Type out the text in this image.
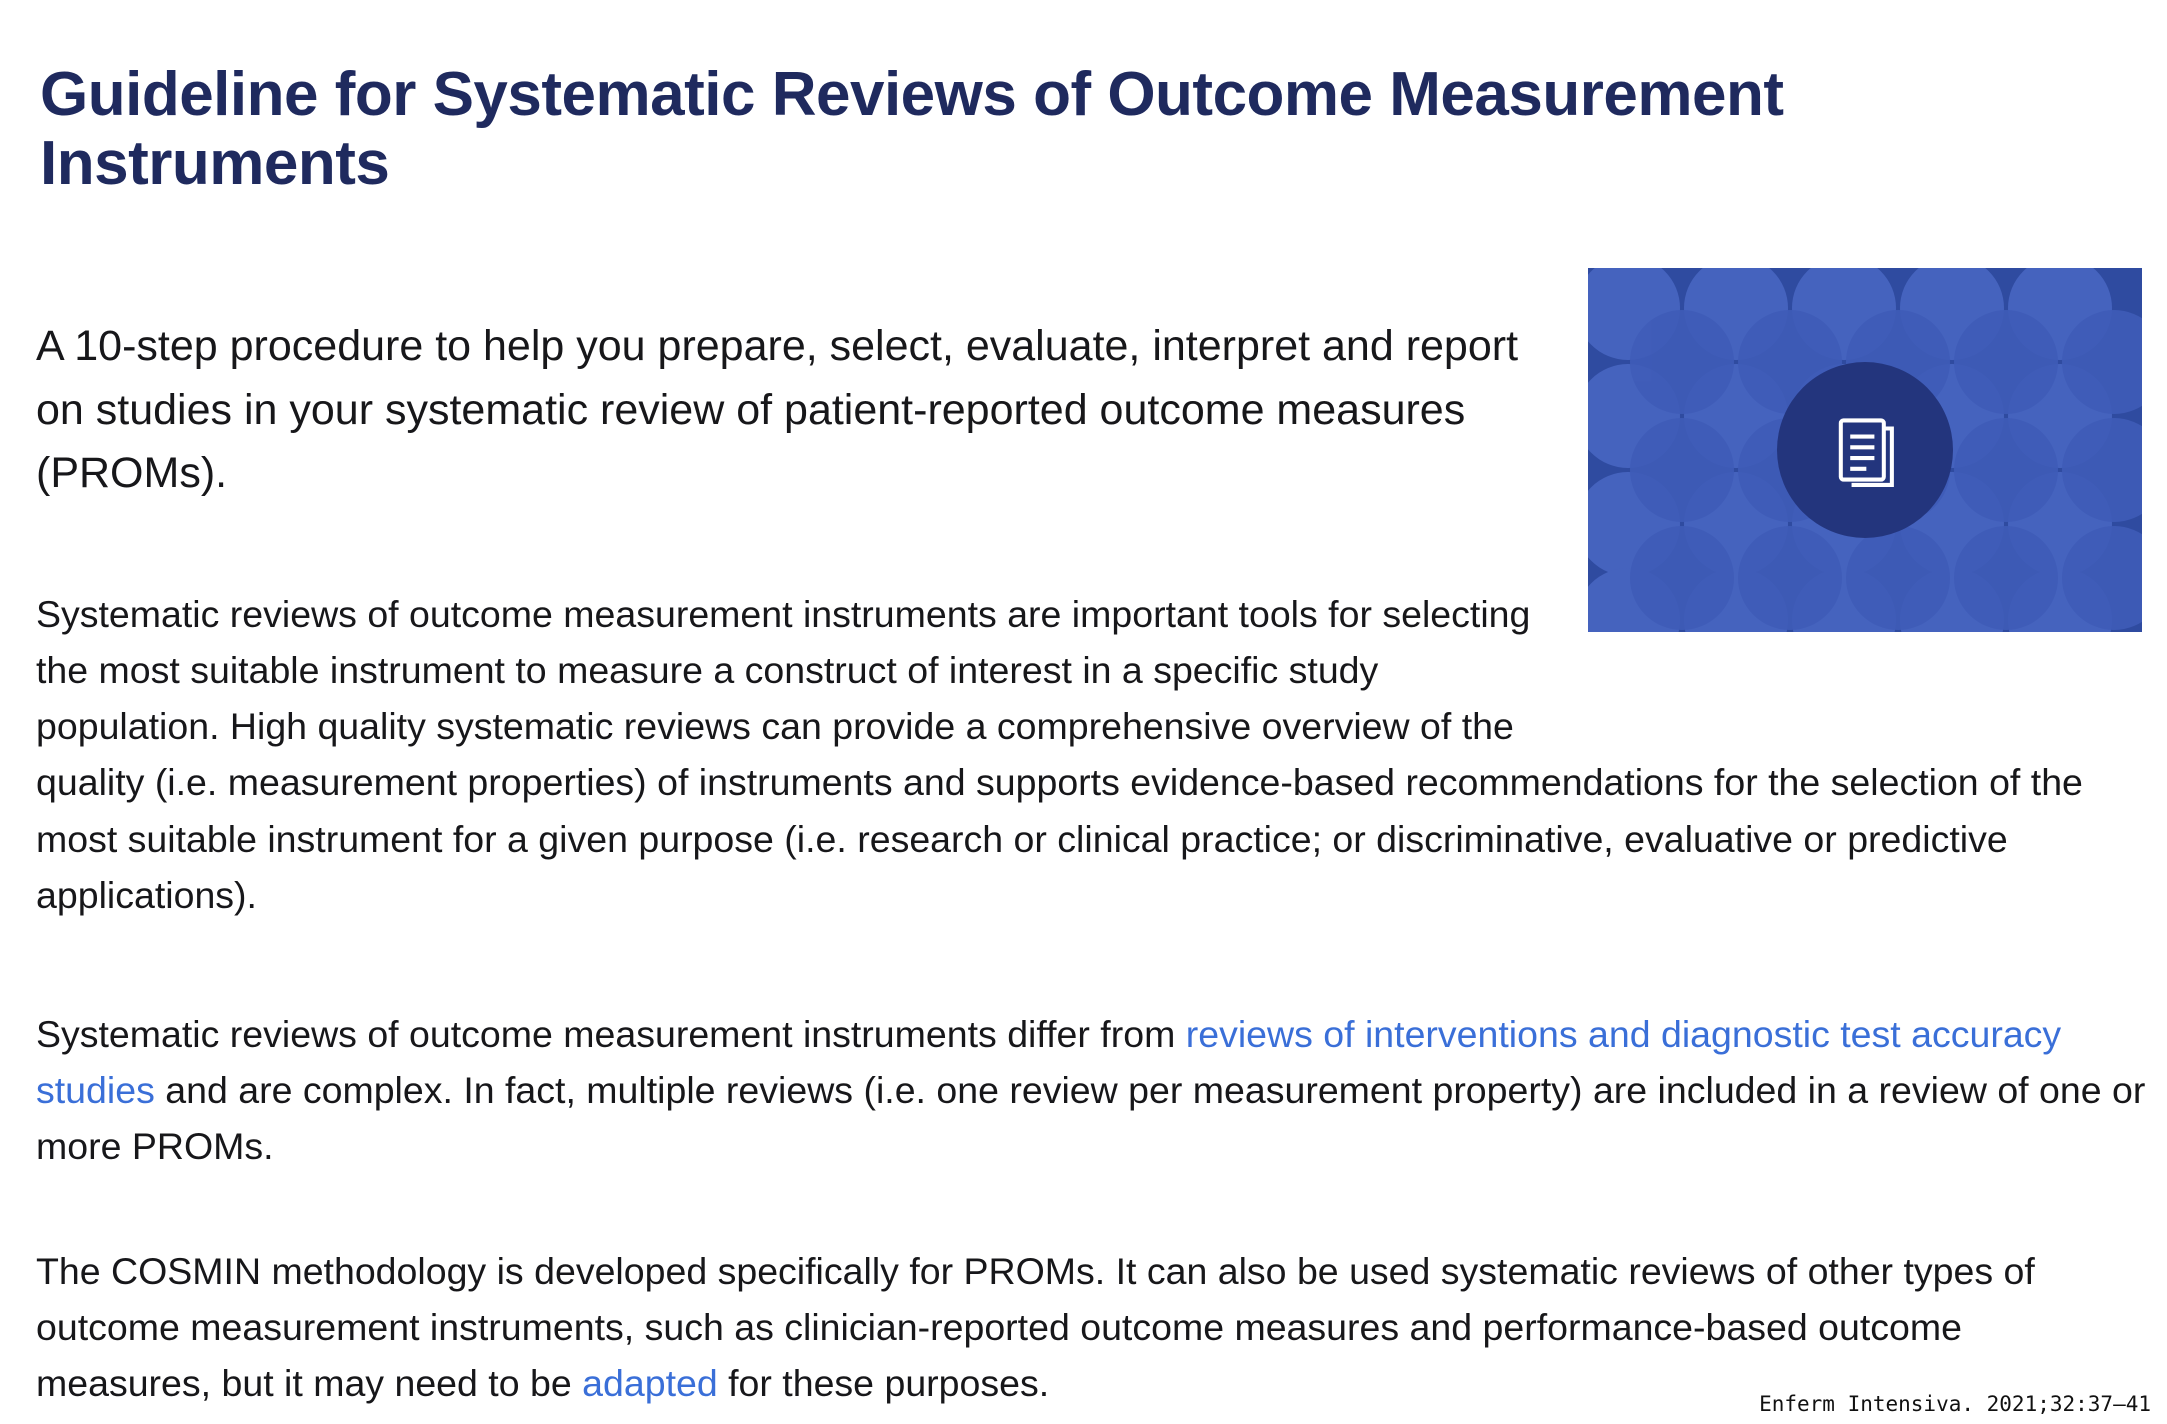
Guideline for Systematic Reviews of Outcome Measurement Instruments

A 10-step procedure to help you prepare, select, evaluate, interpret and report on studies in your systematic review of patient-reported outcome measures (PROMs).

Systematic reviews of outcome measurement instruments are important tools for selecting the most suitable instrument to measure a construct of interest in a specific study population. High quality systematic reviews can provide a comprehensive overview of the quality (i.e. measurement properties) of instruments and supports evidence-based recommendations for the selection of the most suitable instrument for a given purpose (i.e. research or clinical practice; or discriminative, evaluative or predictive applications).

Systematic reviews of outcome measurement instruments differ from reviews of interventions and diagnostic test accuracy studies and are complex. In fact, multiple reviews (i.e. one review per measurement property) are included in a review of one or more PROMs.

The COSMIN methodology is developed specifically for PROMs. It can also be used systematic reviews of other types of outcome measurement instruments, such as clinician-reported outcome measures and performance-based outcome measures, but it may need to be adapted for these purposes.	Enferm Intensiva. 2021;32:37–41
